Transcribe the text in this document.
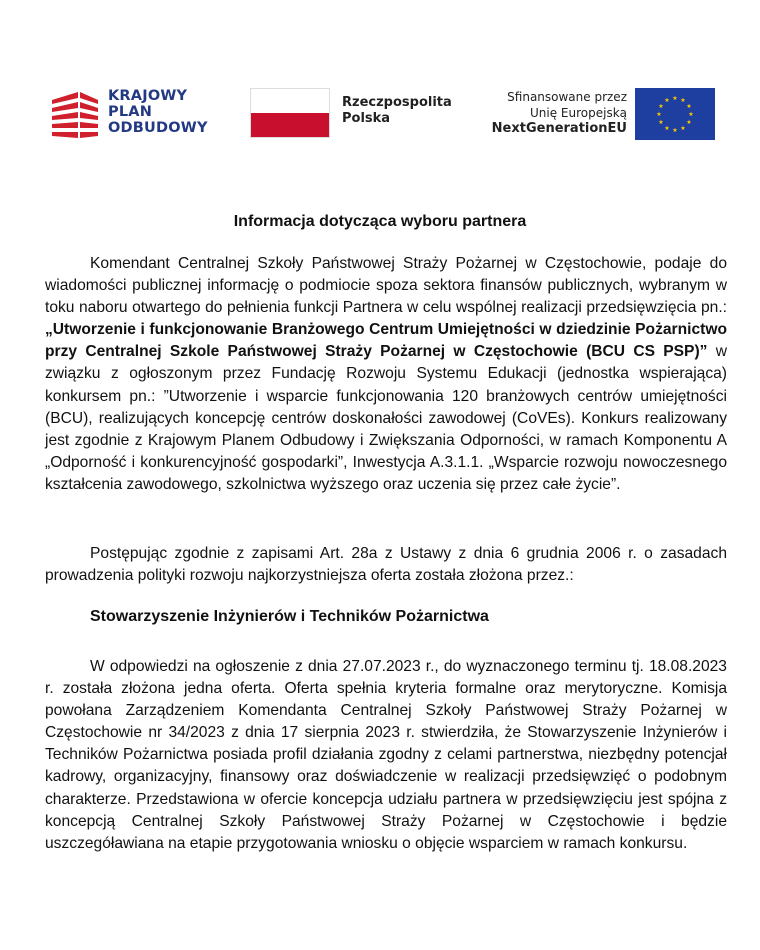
KRAJOWY
PLAN
ODBUDOWY
Rzeczpospolita
Polska
Sfinansowane przez
Unię Europejską
NextGenerationEU
★ ★
★
★
★
★
★
★
★
★
★
★
Informacja dotycząca wyboru partnera

Komendant Centralnej Szkoły Państwowej Straży Pożarnej w Częstochowie, podaje do wiadomości publicznej informację o podmiocie spoza sektora finansów publicznych, wybranym w toku naboru otwartego do pełnienia funkcji Partnera w celu wspólnej realizacji przedsięwzięcia pn.: „Utworzenie i funkcjonowanie Branżowego Centrum Umiejętności w dziedzinie Pożarnictwo przy Centralnej Szkole Państwowej Straży Pożarnej w Częstochowie (BCU CS PSP)” w związku z ogłoszonym przez Fundację Rozwoju Systemu Edukacji (jednostka wspierająca) konkursem pn.: ”Utworzenie i wsparcie funkcjonowania 120 branżowych centrów umiejętności (BCU), realizujących koncepcję centrów doskonałości zawodowej (CoVEs). Konkurs realizowany jest zgodnie z Krajowym Planem Odbudowy i Zwiększania Odporności, w ramach Komponentu A „Odporność i konkurencyjność gospodarki”, Inwestycja A.3.1.1. „Wsparcie rozwoju nowoczesnego kształcenia zawodowego, szkolnictwa wyższego oraz uczenia się przez całe życie”.

Postępując zgodnie z zapisami Art. 28a z Ustawy z dnia 6 grudnia 2006 r. o zasadach prowadzenia polityki rozwoju najkorzystniejsza oferta została złożona przez.:

Stowarzyszenie Inżynierów i Techników Pożarnictwa

W odpowiedzi na ogłoszenie z dnia 27.07.2023 r., do wyznaczonego terminu tj. 18.08.2023 r. została złożona jedna oferta. Oferta spełnia kryteria formalne oraz merytoryczne. Komisja powołana Zarządzeniem Komendanta Centralnej Szkoły Państwowej Straży Pożarnej w Częstochowie nr 34/2023 z dnia 17 sierpnia 2023 r. stwierdziła, że Stowarzyszenie Inżynierów i Techników Pożarnictwa posiada profil działania zgodny z celami partnerstwa, niezbędny potencjał kadrowy, organizacyjny, finansowy oraz doświadczenie w realizacji przedsięwzięć o podobnym charakterze. Przedstawiona w ofercie koncepcja udziału partnera w przedsięwzięciu jest spójna z koncepcją Centralnej Szkoły Państwowej Straży Pożarnej w Częstochowie i będzie uszczegóławiana na etapie przygotowania wniosku o objęcie wsparciem w ramach konkursu.
